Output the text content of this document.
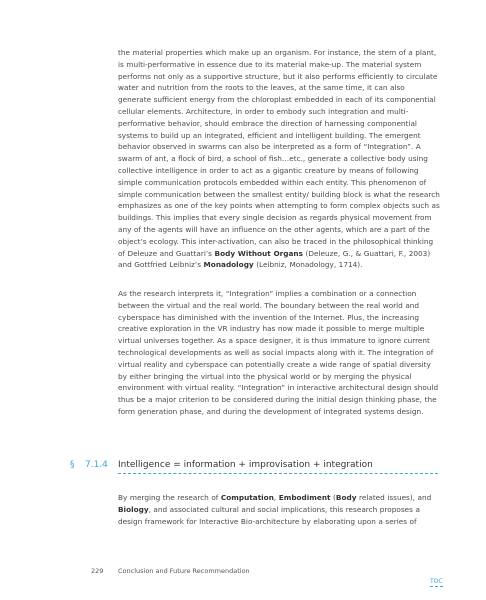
the material properties which make up an organism. For instance, the stem of a plant, is multi-performative in essence due to its material make-up. The material system performs not only as a supportive structure, but it also performs efficiently to circulate water and nutrition from the roots to the leaves, at the same time, it can also generate sufficient energy from the chloroplast embedded in each of its componential cellular elements. Architecture, in order to embody such integration and multi-performative behavior, should embrace the direction of harnessing componential systems to build up an integrated, efficient and intelligent building. The emergent behavior observed in swarms can also be interpreted as a form of “Integration”. A swarm of ant, a flock of bird, a school of fish…etc., generate a collective body using collective intelligence in order to act as a gigantic creature by means of following simple communication protocols embedded within each entity. This phenomenon of simple communication between the smallest entity/ building block is what the research emphasizes as one of the key points when attempting to form complex objects such as buildings. This implies that every single decision as regards physical movement from any of the agents will have an influence on the other agents, which are a part of the object’s ecology. This inter-activation, can also be traced in the philosophical thinking of Deleuze and Guattari’s Body Without Organs (Deleuze, G., & Guattari, F., 2003) and Gottfried Leibniz’s Monadology (Leibniz, Monadology, 1714).
As the research interprets it, “Integration” implies a combination or a connection between the virtual and the real world. The boundary between the real world and cyberspace has diminished with the invention of the Internet. Plus, the increasing creative exploration in the VR industry has now made it possible to merge multiple virtual universes together. As a space designer, it is thus immature to ignore current technological developments as well as social impacts along with it. The integration of virtual reality and cyberspace can potentially create a wide range of spatial diversity by either bringing the virtual into the physical world or by merging the physical environment with virtual reality. “Integration” in interactive architectural design should thus be a major criterion to be considered during the initial design thinking phase, the form generation phase, and during the development of integrated systems design.
§ 7.1.4 Intelligence = information + improvisation + integration
By merging the research of Computation, Embodiment (Body related issues), and Biology, and associated cultural and social implications, this research proposes a design framework for Interactive Bio-architecture by elaborating upon a series of
229 Conclusion and Future Recommendation
TOC
